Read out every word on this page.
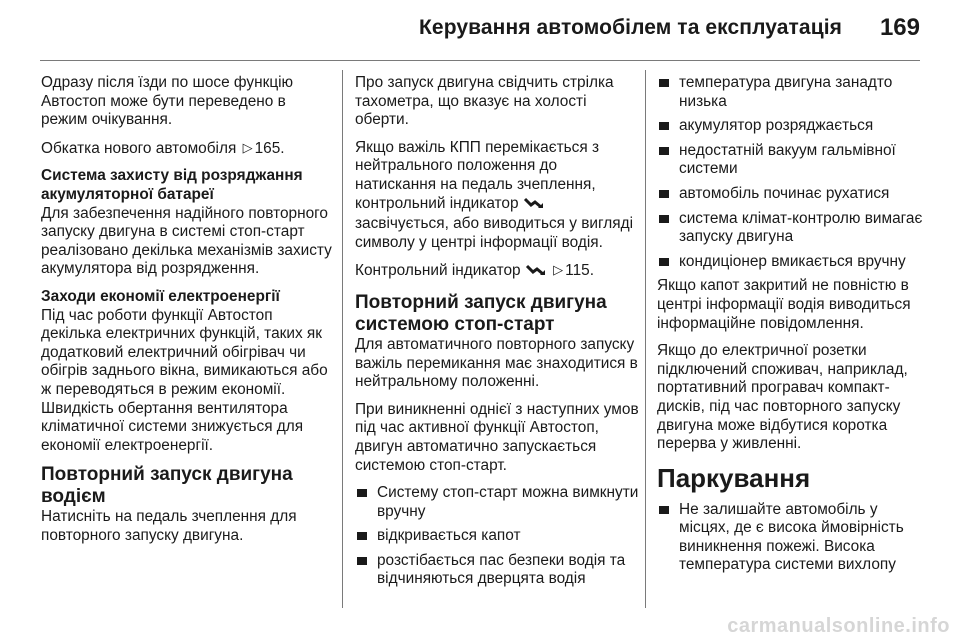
Керування автомобілем та експлуатація 169

Одразу після їзди по шосе функцію Автостоп може бути переведено в режим очікування.

Обкатка нового автомобіля ▷ 165.

Система захисту від розряджання акумуляторної батареї

Для забезпечення надійного повторного запуску двигуна в системі стоп-старт реалізовано декілька механізмів захисту акумулятора від розрядження.

Заходи економії електроенергії

Під час роботи функції Автостоп декілька електричних функцій, таких як додатковий електричний обігрівач чи обігрів заднього вікна, вимикаються або ж переводяться в режим економії. Швидкість обертання вентилятора кліматичної системи знижується для економії електроенергії.

Повторний запуск двигуна водієм

Натисніть на педаль зчеплення для повторного запуску двигуна.

Про запуск двигуна свідчить стрілка тахометра, що вказує на холості оберти.

Якщо важіль КПП перемікається з нейтрального положення до натискання на педаль зчеплення, контрольний індикатор  засвічується, або виводиться у вигляді символу у центрі інформації водія.

Контрольний індикатор	▷ 115.

Повторний запуск двигуна системою стоп-старт

Для автоматичного повторного запуску важіль перемикання має знаходитися в нейтральному положенні.

При виникненні однієї з наступних умов під час активної функції Автостоп, двигун автоматично запускається системою стоп-старт.

Систему стоп-старт можна вимкнути вручну
відкривається капот
розстібається пас безпеки водія та відчиняються дверцята водія
температура двигуна занадто низька
акумулятор розряджається
недостатній вакуум гальмівної системи
автомобіль починає рухатися
система клімат-контролю вимагає запуску двигуна
кондиціонер вмикається вручну

Якщо капот закритий не повністю в центрі інформації водія виводиться інформаційне повідомлення.

Якщо до електричної розетки підключений споживач, наприклад, портативний програвач компакт-дисків, під час повторного запуску двигуна може відбутися коротка перерва у живленні.

Паркування
Не залишайте автомобіль у місцях, де є висока ймовірність виникнення пожежі. Висока температура системи вихлопу
carmanualsonline.info
